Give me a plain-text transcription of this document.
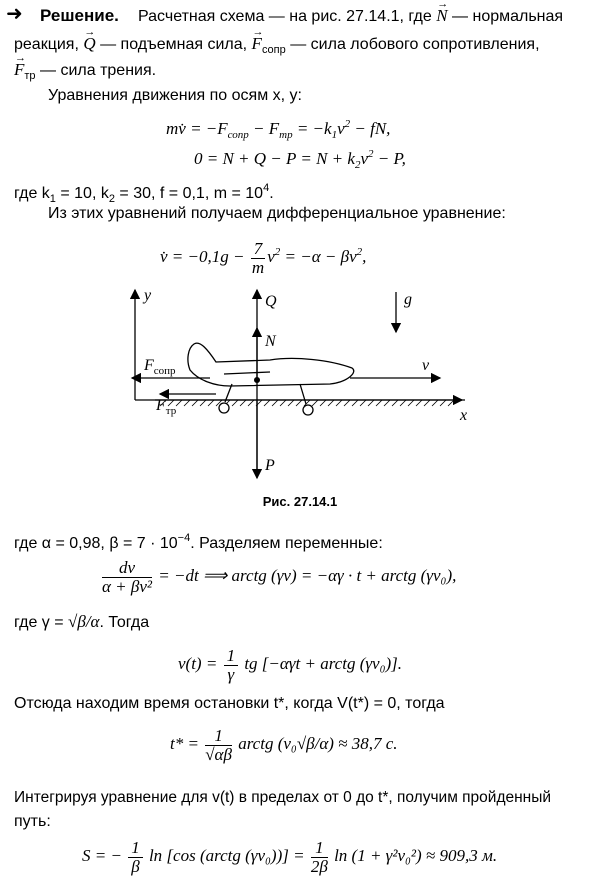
➜ Решение. Расчетная схема — на рис. 27.14.1, где → N — нормальная
реакция, → Q — подъемная сила, → $F_{сопр}$ — сила лобового сопротивления,
→ $F_{тр}$ — сила трения.
Уравнения движения по осям x, y:
mv̇ = $-F_{сопр} - F_{тр} = -k_1v^2$ − fN,
$0 = N + Q - P = N + k_2v^2 - P$,
где $k_1 = 10$, $k_2 = 30$, f = 0,1, $m = 10^4$.
Из этих уравнений получаем дифференциальное уравнение:
v̇ = $-0,1g - \frac{7}{m} v^2 = -\alpha - \beta v^2$,
y
x
Q
N
P
g
$F_{сопр}$	v
$F_{тр}$
Рис. 27.14.1
где α = 0,98, $\beta = 7 \cdot 10^{-4}$. Разделяем переменные:
$\frac{dv}{\text{α + βv²}} = -dt$ ⟹ arctg (γv) = −αγ · t + arctg (γv₀),
где γ = √β/α. Тогда
$v(t) = \frac{1}{\gamma}$ tg [−αγt + arctg (γv₀)].
Отсюда находим время остановки t*, когда V(t*) = 0, тогда
$t* = \frac{1}{√\alpha\beta}$ arctg (v₀√β/α) ≈ 38,7 с.
Интегрируя уравнение для v(t) в пределах от 0 до t*, получим пройденный
путь:
S = − $\frac{1}{\beta}$ ln [cos (arctg $(\gamma v_0))] = \frac{1}{2\beta}$ ln (1 + γ²v₀²) ≈ 909,3 м.
